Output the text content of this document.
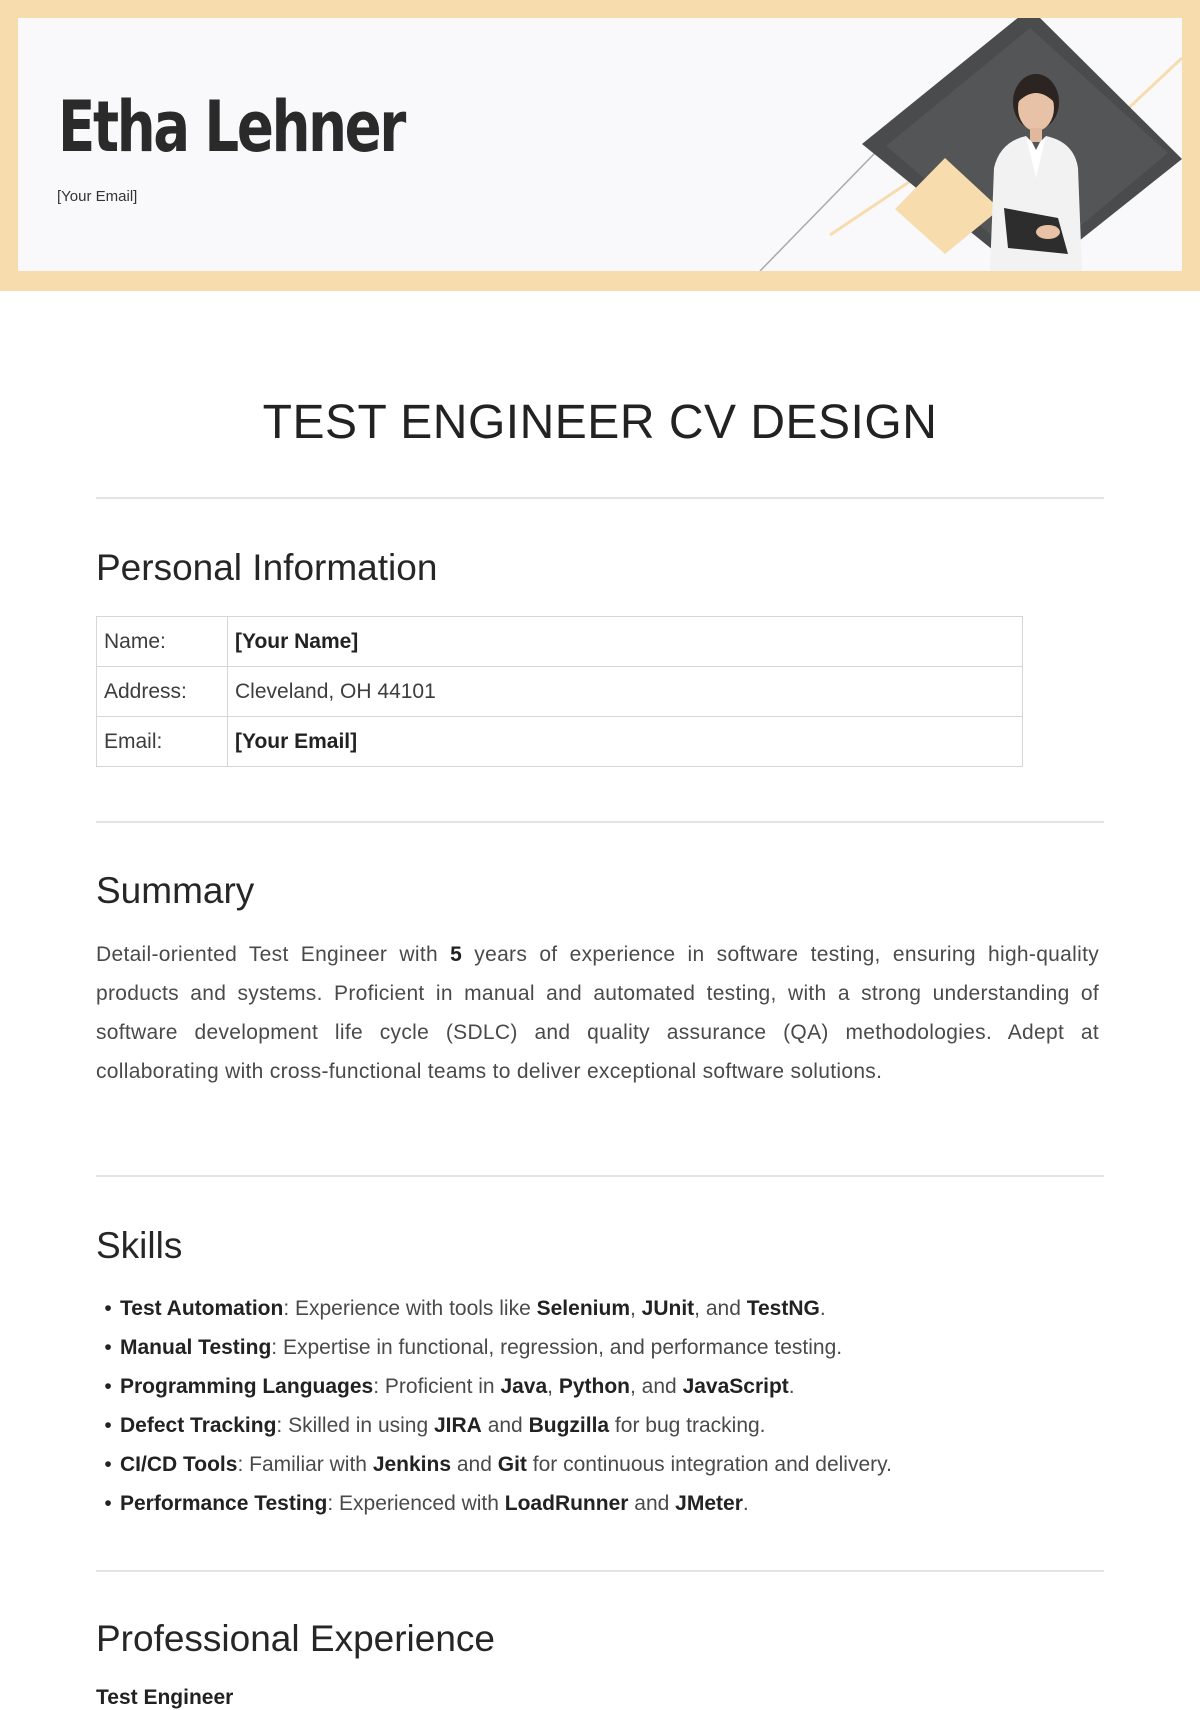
Etha Lehner
[Your Email]
TEST ENGINEER CV DESIGN
Personal Information
Name:	[Your Name]
Address:	Cleveland, OH 44101
Email:	[Your Email]
Summary

Detail-oriented Test Engineer with 5 years of experience in software testing, ensuring high-quality products and systems. Proficient in manual and automated testing, with a strong understanding of software development life cycle (SDLC) and quality assurance (QA) methodologies. Adept at collaborating with cross-functional teams to deliver exceptional software solutions.

Skills
• Test Automation: Experience with tools like Selenium, JUnit, and TestNG.
• Manual Testing: Expertise in functional, regression, and performance testing.
• Programming Languages: Proficient in Java, Python, and JavaScript.
• Defect Tracking: Skilled in using JIRA and Bugzilla for bug tracking.
• CI/CD Tools: Familiar with Jenkins and Git for continuous integration and delivery.
• Performance Testing: Experienced with LoadRunner and JMeter.
Professional Experience
Test Engineer
